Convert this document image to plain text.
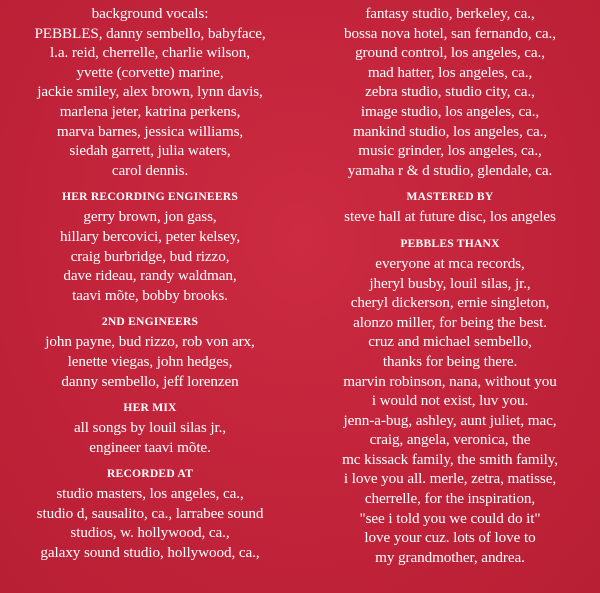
background vocals:
PEBBLES, danny sembello, babyface,
l.a. reid, cherrelle, charlie wilson,
yvette (corvette) marine,
jackie smiley, alex brown, lynn davis,
marlena jeter, katrina perkens,
marva barnes, jessica williams,
siedah garrett, julia waters,
carol dennis.
HER RECORDING ENGINEERS
gerry brown, jon gass,
hillary bercovici, peter kelsey,
craig burbridge, bud rizzo,
dave rideau, randy waldman,
taavi mõte, bobby brooks.
2ND ENGINEERS
john payne, bud rizzo, rob von arx,
lenette viegas, john hedges,
danny sembello, jeff lorenzen
HER MIX
all songs by louil silas jr.,
engineer taavi mõte.
RECORDED AT
studio masters, los angeles, ca.,
studio d, sausalito, ca., larrabee sound
studios, w. hollywood, ca.,
galaxy sound studio, hollywood, ca.,
fantasy studio, berkeley, ca.,
bossa nova hotel, san fernando, ca.,
ground control, los angeles, ca.,
mad hatter, los angeles, ca.,
zebra studio, studio city, ca.,
image studio, los angeles, ca.,
mankind studio, los angeles, ca.,
music grinder, los angeles, ca.,
yamaha r & d studio, glendale, ca.
MASTERED BY
steve hall at future disc, los angeles
PEBBLES THANX
everyone at mca records,
jheryl busby, louil silas, jr.,
cheryl dickerson, ernie singleton,
alonzo miller, for being the best.
cruz and michael sembello,
thanks for being there.
marvin robinson, nana, without you
i would not exist, luv you.
jenn-a-bug, ashley, aunt juliet, mac,
craig, angela, veronica, the
mc kissack family, the smith family,
i love you all. merle, zetra, matisse,
cherrelle, for the inspiration,
"see i told you we could do it"
love your cuz. lots of love to
my grandmother, andrea.
